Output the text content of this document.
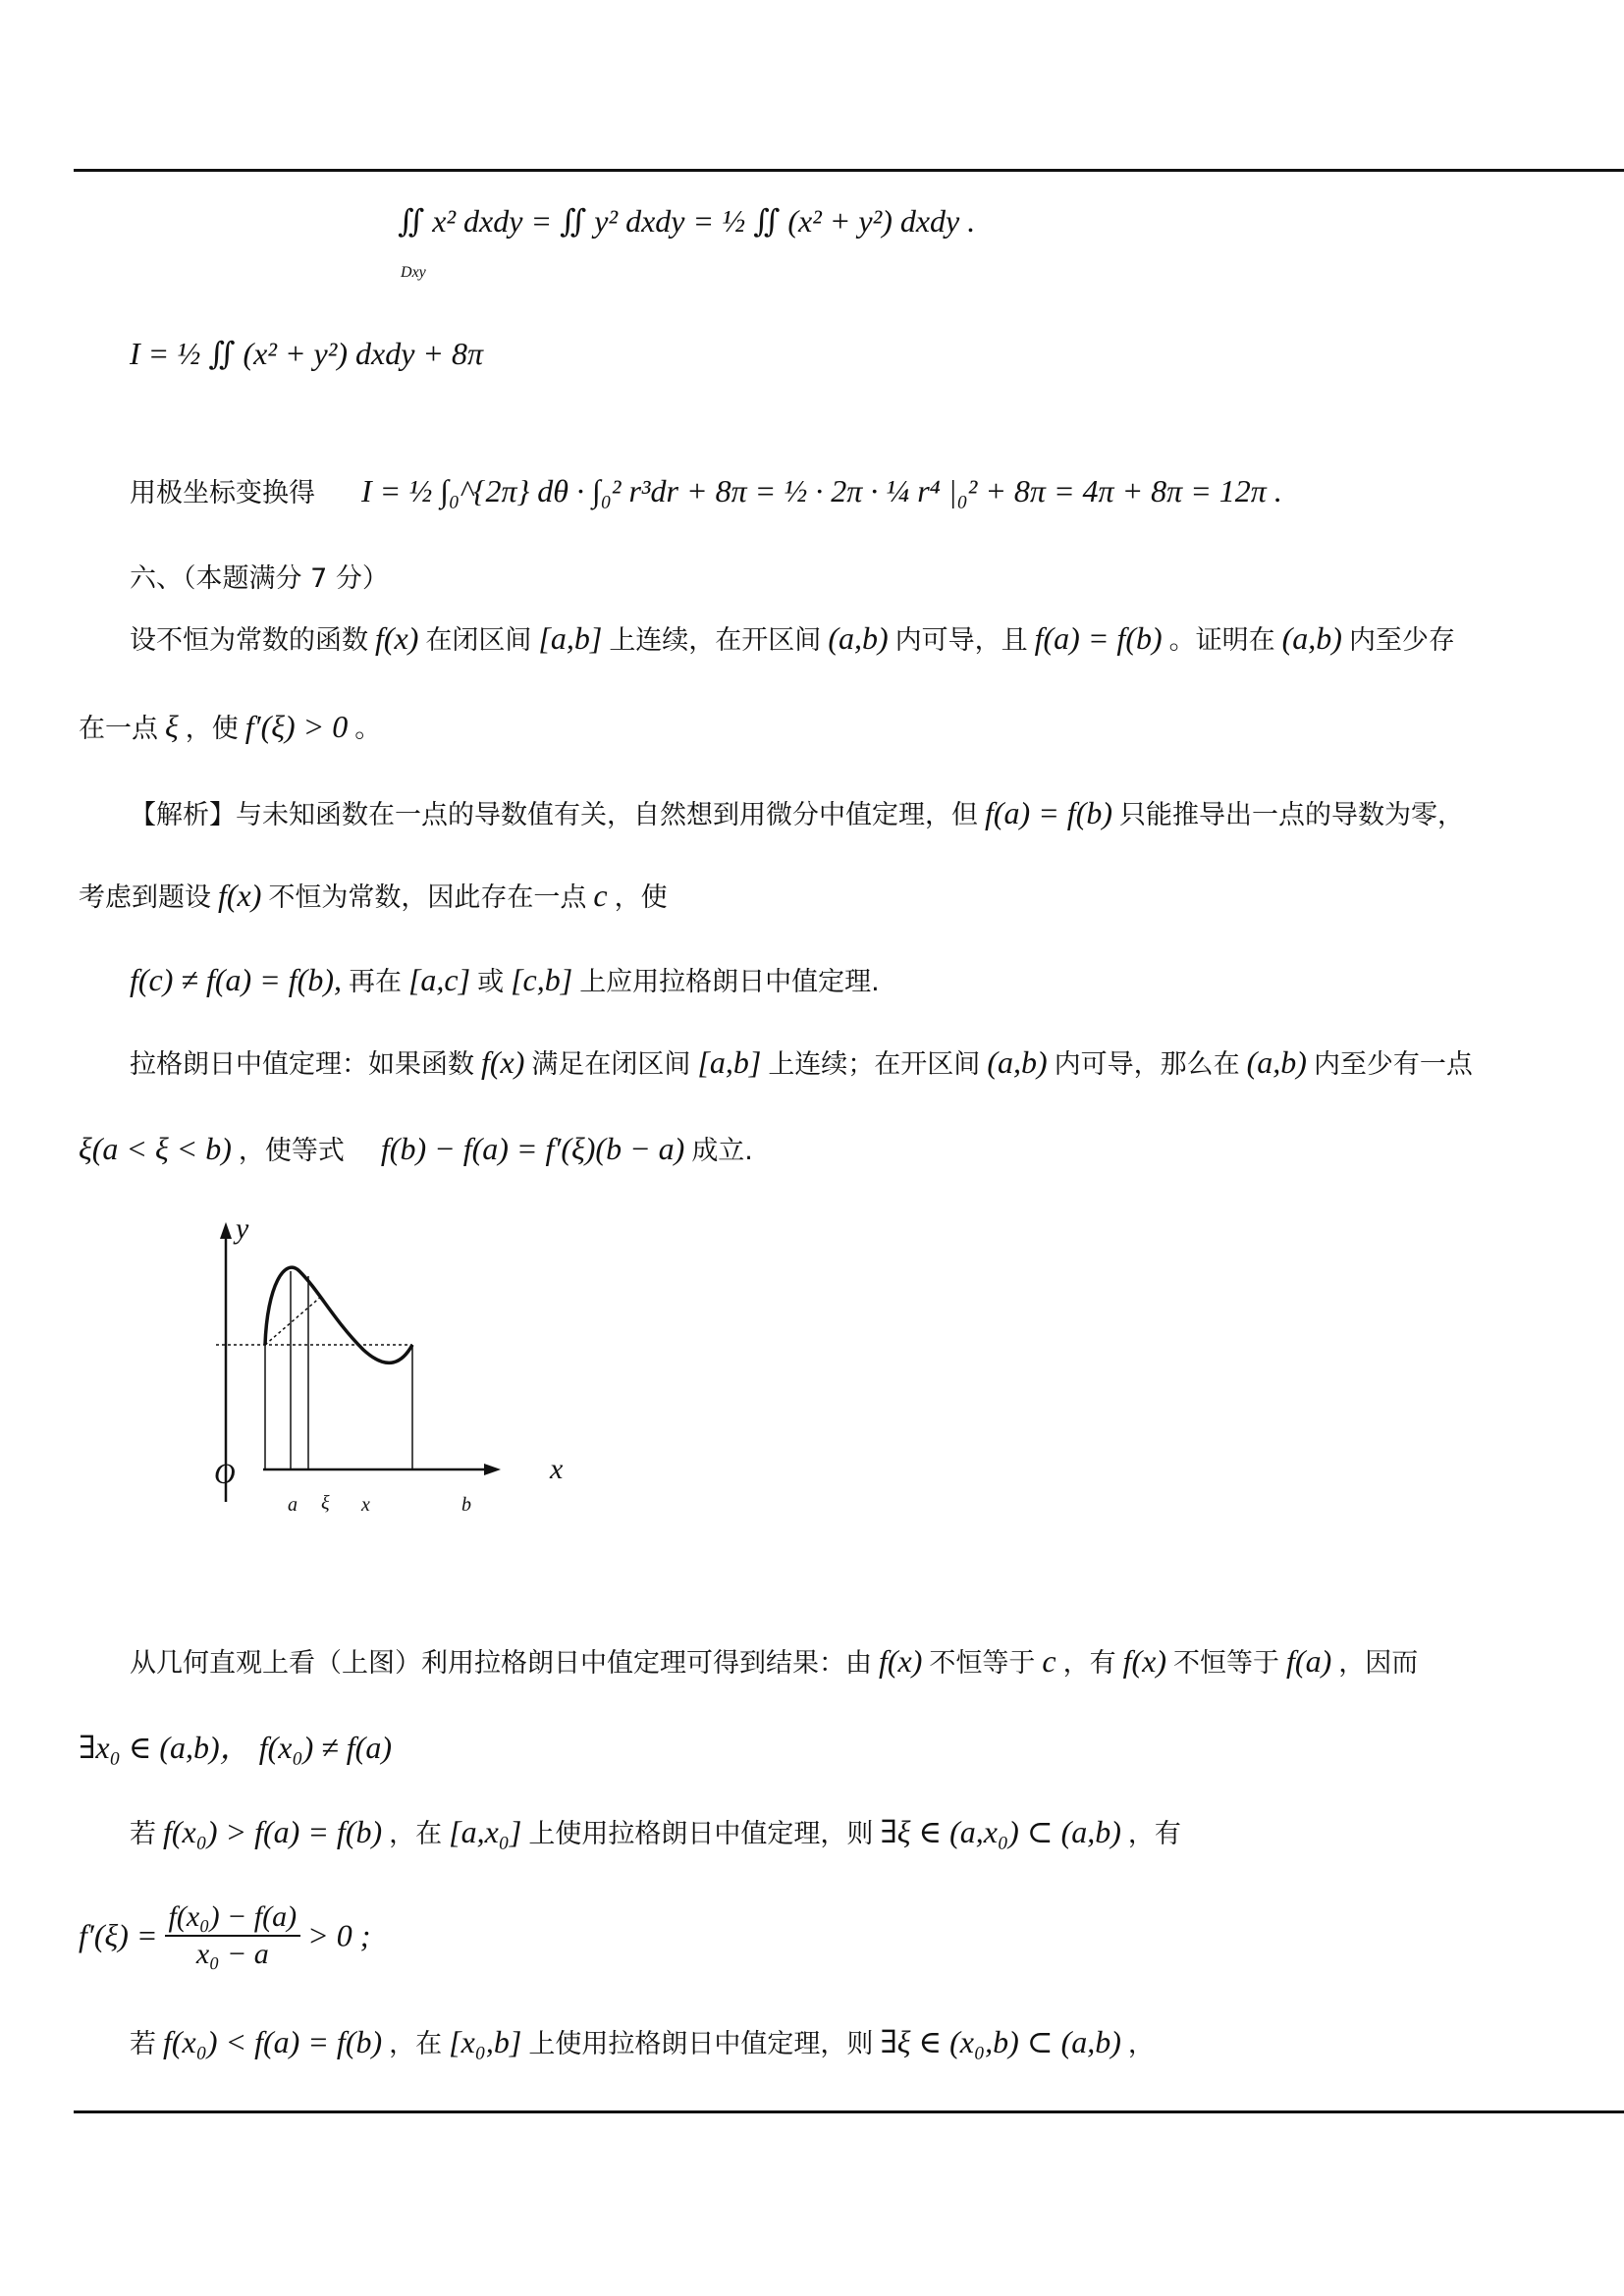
∬ x² dxdy = ∬ y² dxdy = ½ ∬ (x² + y²) dxdy .
Dxy
I = ½ ∬ (x² + y²) dxdy + 8π
用极坐标变换得 I = ½ ∫₀^{2π} dθ · ∫₀² r³dr + 8π = ½ · 2π · ¼ r⁴ |₀² + 8π = 4π + 8π = 12π .
六、（本题满分 7 分）
设不恒为常数的函数 f(x) 在闭区间 [a,b] 上连续，在开区间 (a,b) 内可导，且 f(a) = f(b) 。证明在 (a,b) 内至少存
在一点 ξ ，使 f′(ξ) > 0 。
【解析】与未知函数在一点的导数值有关，自然想到用微分中值定理，但 f(a) = f(b) 只能推导出一点的导数为零，
考虑到题设 f(x) 不恒为常数，因此存在一点 c ，使
f(c) ≠ f(a) = f(b), 再在 [a,c] 或 [c,b] 上应用拉格朗日中值定理.
拉格朗日中值定理：如果函数 f(x) 满足在闭区间 [a,b] 上连续；在开区间 (a,b) 内可导，那么在 (a,b) 内至少有一点
ξ(a < ξ < b) ，使等式 f(b) − f(a) = f′(ξ)(b − a) 成立.
y
x
O
a ξ x	b
从几何直观上看（上图）利用拉格朗日中值定理可得到结果：由 f(x) 不恒等于 c ，有 f(x) 不恒等于 f(a) ，因而
∃x₀ ∈ (a,b)， f(x₀) ≠ f(a)
若 f(x₀) > f(a) = f(b) ，在 [a,x₀] 上使用拉格朗日中值定理，则 ∃ξ ∈ (a,x₀) ⊂ (a,b) ，有
$f'(\xi) = \frac{\text{f(x₀) − f(a)}}{\text{x₀ − a}} > 0$ ;
若 f(x₀) < f(a) = f(b) ，在 [x₀,b] 上使用拉格朗日中值定理，则 ∃ξ ∈ (x₀,b) ⊂ (a,b) ，
